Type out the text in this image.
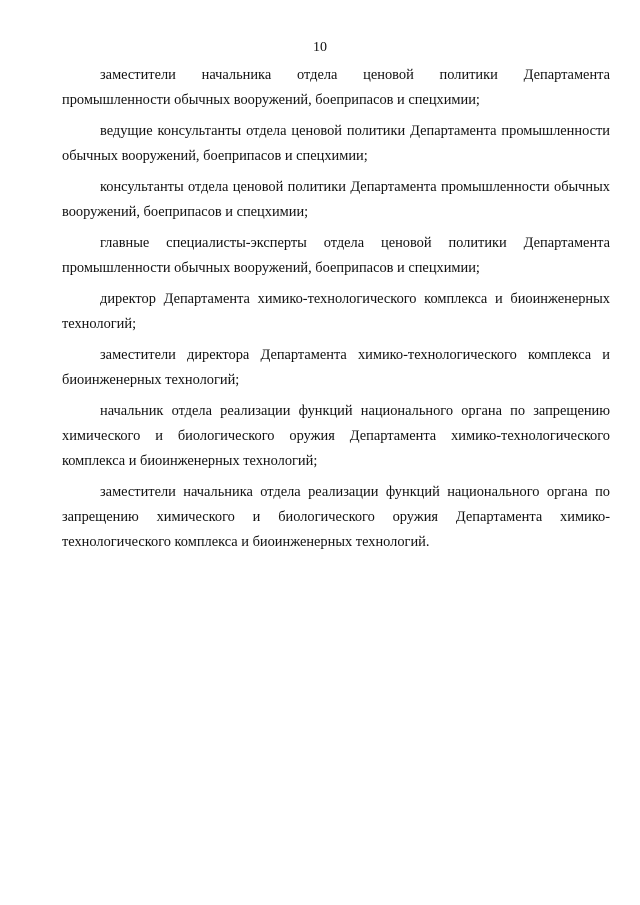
10

заместители начальника отдела ценовой политики Департамента промышленности обычных вооружений, боеприпасов и спецхимии;

ведущие консультанты отдела ценовой политики Департамента промышленности обычных вооружений, боеприпасов и спецхимии;

консультанты отдела ценовой политики Департамента промышленности обычных вооружений, боеприпасов и спецхимии;

главные специалисты-эксперты отдела ценовой политики Департамента промышленности обычных вооружений, боеприпасов и спецхимии;

директор Департамента химико-технологического комплекса и биоинженерных технологий;

заместители директора Департамента химико-технологического комплекса и биоинженерных технологий;

начальник отдела реализации функций национального органа по запрещению химического и биологического оружия Департамента химико-технологического комплекса и биоинженерных технологий;

заместители начальника отдела реализации функций национального органа по запрещению химического и биологического оружия Департамента химико-технологического комплекса и биоинженерных технологий.
